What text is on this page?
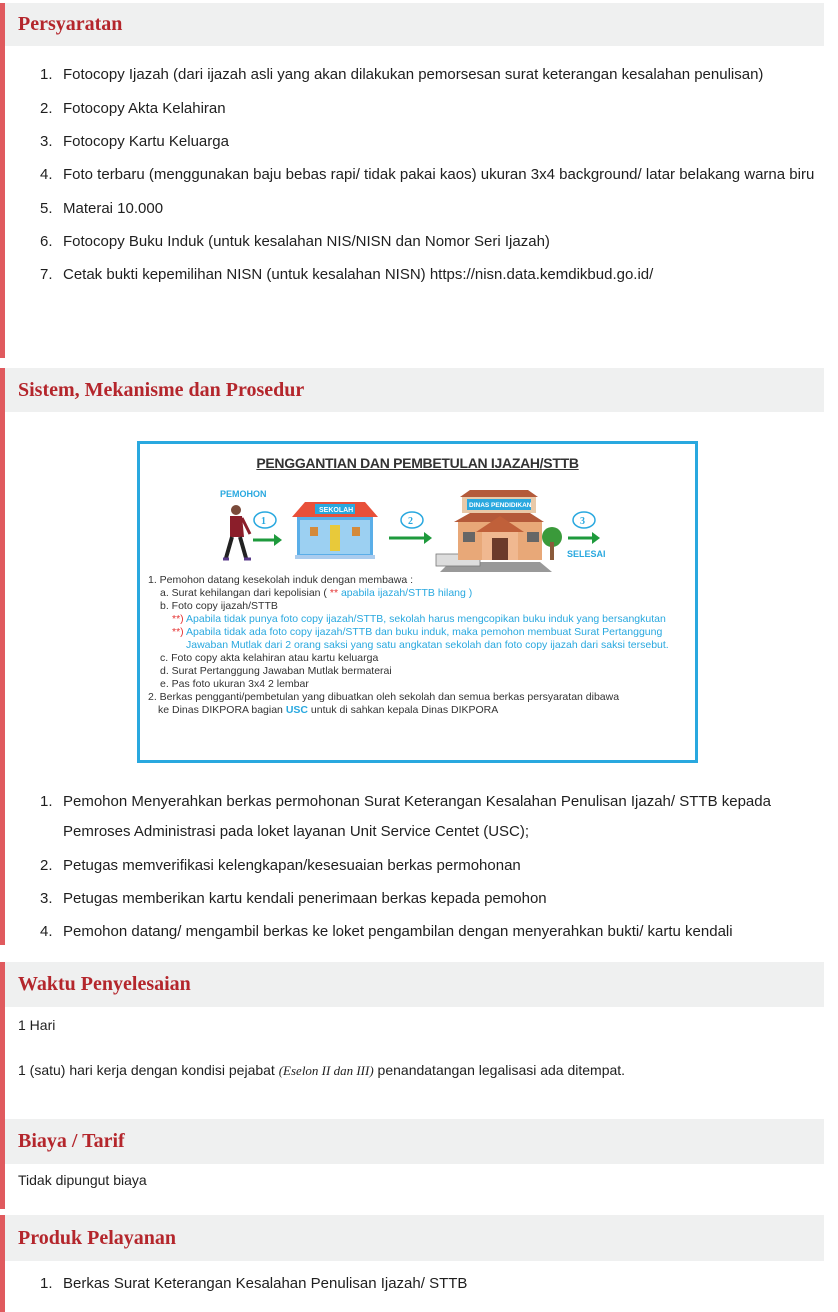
Persyaratan
1. Fotocopy Ijazah (dari ijazah asli yang akan dilakukan pemorsesan surat keterangan kesalahan penulisan)
2. Fotocopy Akta Kelahiran
3. Fotocopy Kartu Keluarga
4. Foto terbaru (menggunakan baju bebas rapi/ tidak pakai kaos) ukuran 3x4 background/ latar belakang warna biru
5. Materai 10.000
6. Fotocopy Buku Induk (untuk kesalahan NIS/NISN dan Nomor Seri Ijazah)
7. Cetak bukti kepemilihan NISN (untuk kesalahan NISN) https://nisn.data.kemdikbud.go.id/
Sistem, Mekanisme dan Prosedur
PENGGANTIAN DAN PEMBETULAN IJAZAH/STTB
PEMOHON
1
SEKOLAH
2
DINAS PENDIDIKAN
3
SELESAI
1. Pemohon datang kesekolah induk dengan membawa :
a. Surat kehilangan dari kepolisian ( ** apabila ijazah/STTB hilang )
b. Foto copy ijazah/STTB
**) Apabila tidak punya foto copy ijazah/STTB, sekolah harus mengcopikan buku induk yang bersangkutan
**) Apabila tidak ada foto copy ijazah/STTB dan buku induk, maka pemohon membuat Surat Pertanggung
Jawaban Mutlak dari 2 orang saksi yang satu angkatan sekolah dan foto copy ijazah dari saksi tersebut.
c. Foto copy akta kelahiran atau kartu keluarga
d. Surat Pertanggung Jawaban Mutlak bermaterai
e. Pas foto ukuran 3x4 2 lembar
2. Berkas pengganti/pembetulan yang dibuatkan oleh sekolah dan semua berkas persyaratan dibawa
ke Dinas DIKPORA bagian USC untuk di sahkan kepala Dinas DIKPORA
1. Pemohon Menyerahkan berkas permohonan Surat Keterangan Kesalahan Penulisan Ijazah/ STTB kepada Pemroses Administrasi pada loket layanan Unit Service Centet (USC);
2. Petugas memverifikasi kelengkapan/kesesuaian berkas permohonan
3. Petugas memberikan kartu kendali penerimaan berkas kepada pemohon
4. Pemohon datang/ mengambil berkas ke loket pengambilan dengan menyerahkan bukti/ kartu kendali
Waktu Penyelesaian
1 Hari
1 (satu) hari kerja dengan kondisi pejabat (Eselon II dan III) penandatangan legalisasi ada ditempat.
Biaya / Tarif
Tidak dipungut biaya
Produk Pelayanan
1. Berkas Surat Keterangan Kesalahan Penulisan Ijazah/ STTB
